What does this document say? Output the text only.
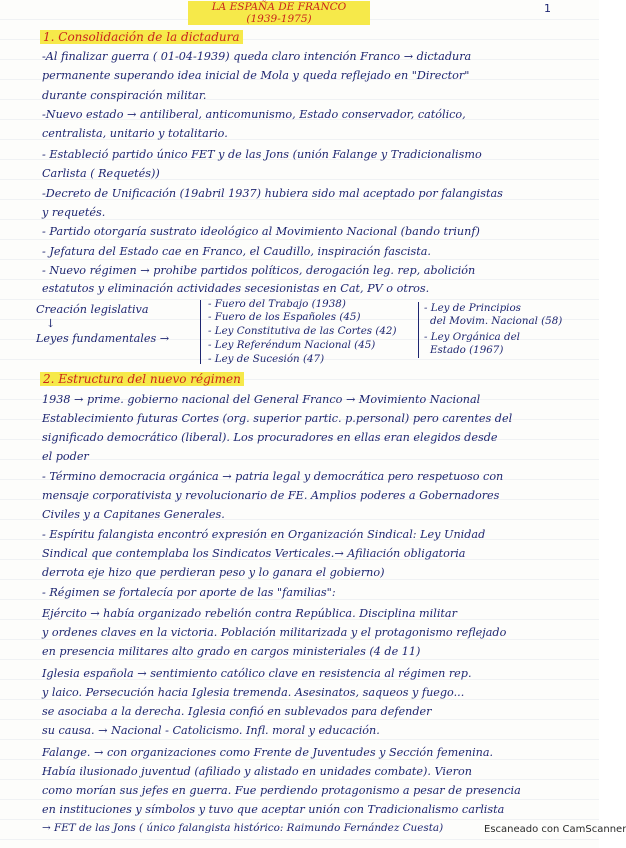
LA ESPAÑA DE FRANCO
(1939-1975)
1
1. Consolidación de la dictadura
-Al finalizar guerra ( 01-04-1939) queda claro intención Franco → dictadura
permanente superando idea inicial de Mola y queda reflejado en "Director"
durante conspiración militar.
-Nuevo estado → antiliberal, anticomunismo, Estado conservador, católico,
centralista, unitario y totalitario.
- Estableció partido único FET y de las Jons (unión Falange y Tradicionalismo
Carlista ( Requetés))
-Decreto de Unificación (19abril 1937) hubiera sido mal aceptado por falangistas
y requetés.
- Partido otorgaría sustrato ideológico al Movimiento Nacional (bando triunf)
- Jefatura del Estado cae en Franco, el Caudillo, inspiración fascista.
- Nuevo régimen → prohibe partidos políticos, derogación leg. rep, abolición
estatutos y eliminación actividades secesionistas en Cat, PV o otros.
Creación legislativa
↓
Leyes fundamentales →
- Fuero del Trabajo (1938)
- Fuero de los Españoles (45)
- Ley Constitutiva de las Cortes (42)
- Ley Referéndum Nacional (45)
- Ley de Sucesión (47)
- Ley de Principios
del Movim. Nacional (58)
- Ley Orgánica del
Estado (1967)
2. Estructura del nuevo régimen
1938 → prime. gobierno nacional del General Franco → Movimiento Nacional
Establecimiento futuras Cortes (org. superior partic. p.personal) pero carentes del
significado democrático (liberal). Los procuradores en ellas eran elegidos desde
el poder
- Término democracia orgánica → patria legal y democrática pero respetuoso con
mensaje corporativista y revolucionario de FE. Amplios poderes a Gobernadores
Civiles y a Capitanes Generales.
- Espíritu falangista encontró expresión en Organización Sindical: Ley Unidad
Sindical que contemplaba los Sindicatos Verticales.→ Afiliación obligatoria
derrota eje hizo que perdieran peso y lo ganara el gobierno)
- Régimen se fortalecía por aporte de las "familias":
Ejército → había organizado rebelión contra República. Disciplina militar
y ordenes claves en la victoria. Población militarizada y el protagonismo reflejado
en presencia militares alto grado en cargos ministeriales (4 de 11)
Iglesia española → sentimiento católico clave en resistencia al régimen rep.
y laico. Persecución hacia Iglesia tremenda. Asesinatos, saqueos y fuego...
se asociaba a la derecha. Iglesia confió en sublevados para defender
su causa. → Nacional - Catolicismo. Infl. moral y educación.
Falange. → con organizaciones como Frente de Juventudes y Sección femenina.
Había ilusionado juventud (afiliado y alistado en unidades combate). Vieron
como morían sus jefes en guerra. Fue perdiendo protagonismo a pesar de presencia
en instituciones y símbolos y tuvo que aceptar unión con Tradicionalismo carlista
→ FET de las Jons ( único falangista histórico: Raimundo Fernández Cuesta)	Escaneado con CamScanner
